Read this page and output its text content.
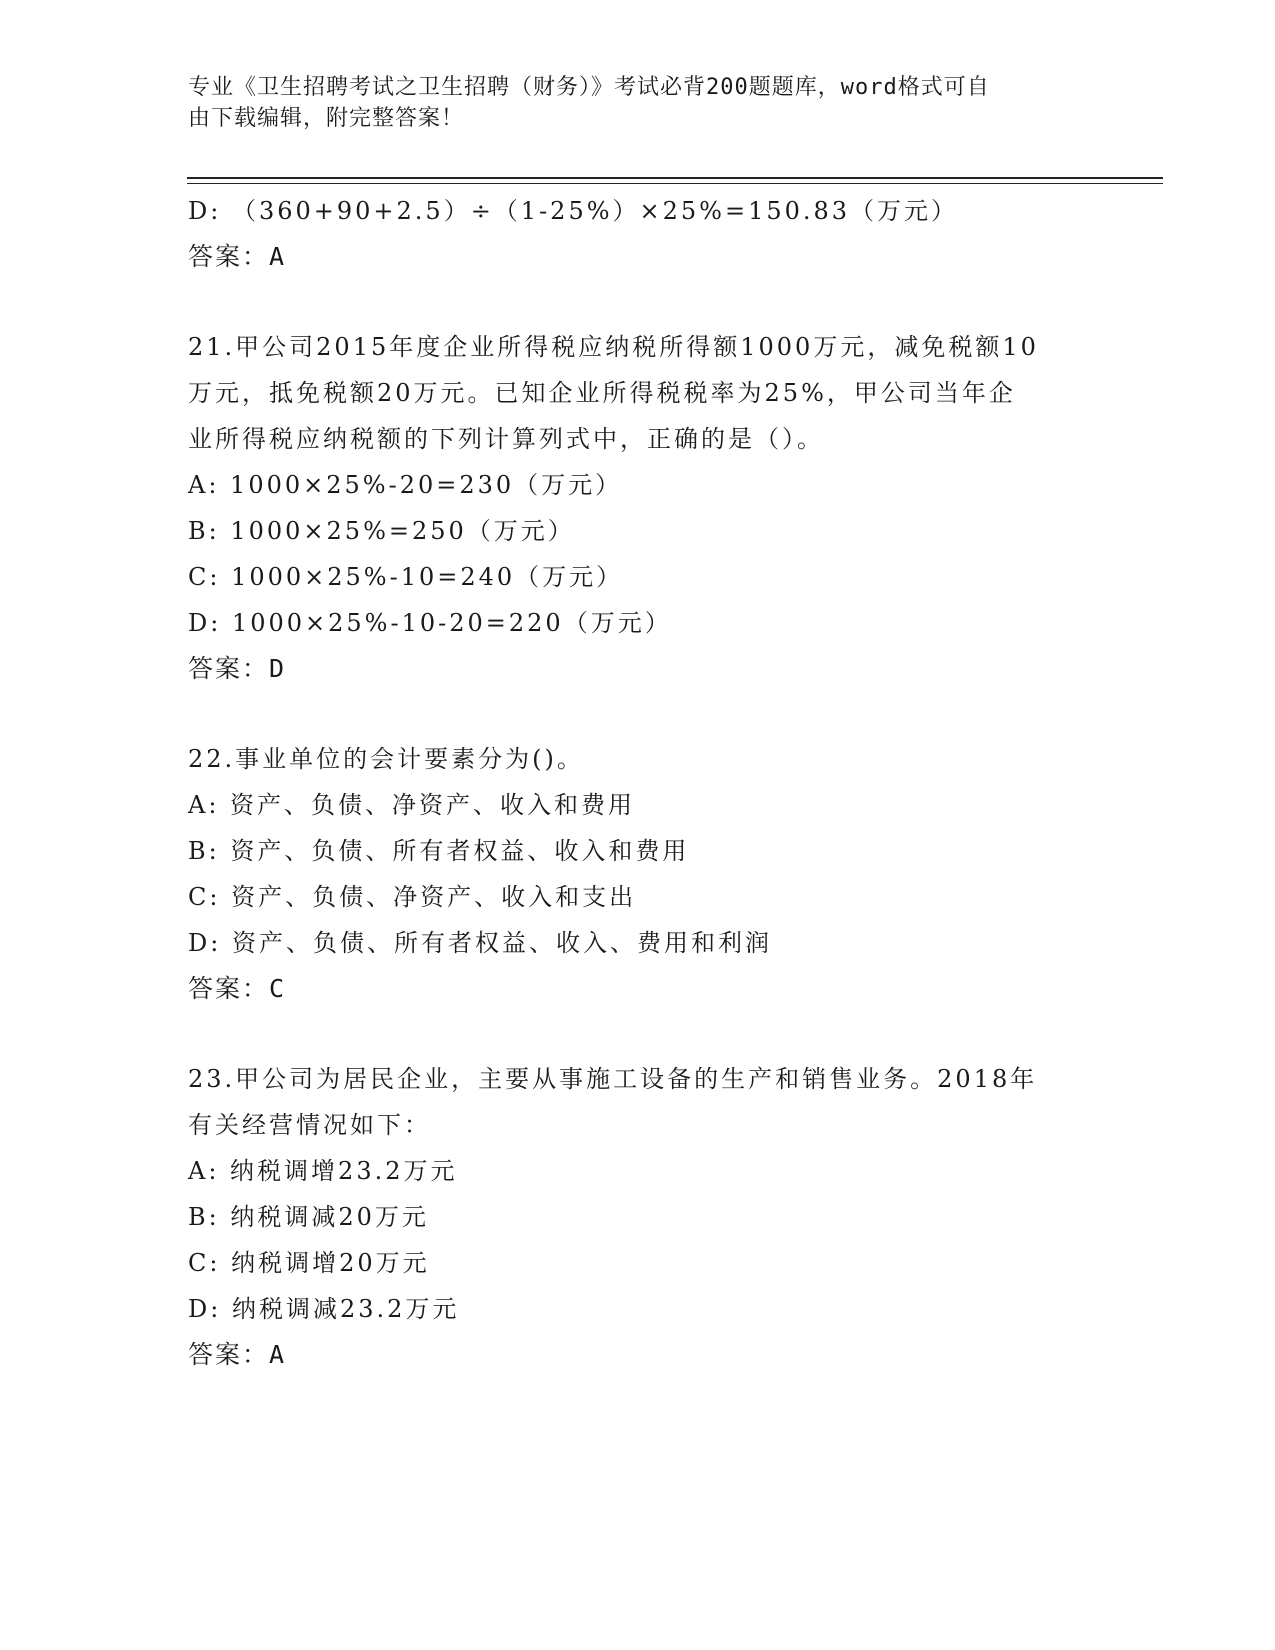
专业《卫生招聘考试之卫生招聘（财务）》考试必背200题题库，word格式可自
由下载编辑，附完整答案！
D: （360+90+2.5）÷（1-25%）×25%=150.83（万元）
答案：A
21.甲公司2015年度企业所得税应纳税所得额1000万元，减免税额10
万元，抵免税额20万元。已知企业所得税税率为25%，甲公司当年企
业所得税应纳税额的下列计算列式中，正确的是（）。
A: 1000×25%-20=230（万元）
B: 1000×25%=250（万元）
C: 1000×25%-10=240（万元）
D: 1000×25%-10-20=220（万元）
答案：D
22.事业单位的会计要素分为()。
A: 资产、负债、净资产、收入和费用
B: 资产、负债、所有者权益、收入和费用
C: 资产、负债、净资产、收入和支出
D: 资产、负债、所有者权益、收入、费用和利润
答案：C
23.甲公司为居民企业，主要从事施工设备的生产和销售业务。2018年
有关经营情况如下：
A: 纳税调增23.2万元
B: 纳税调减20万元
C: 纳税调增20万元
D: 纳税调减23.2万元
答案：A
